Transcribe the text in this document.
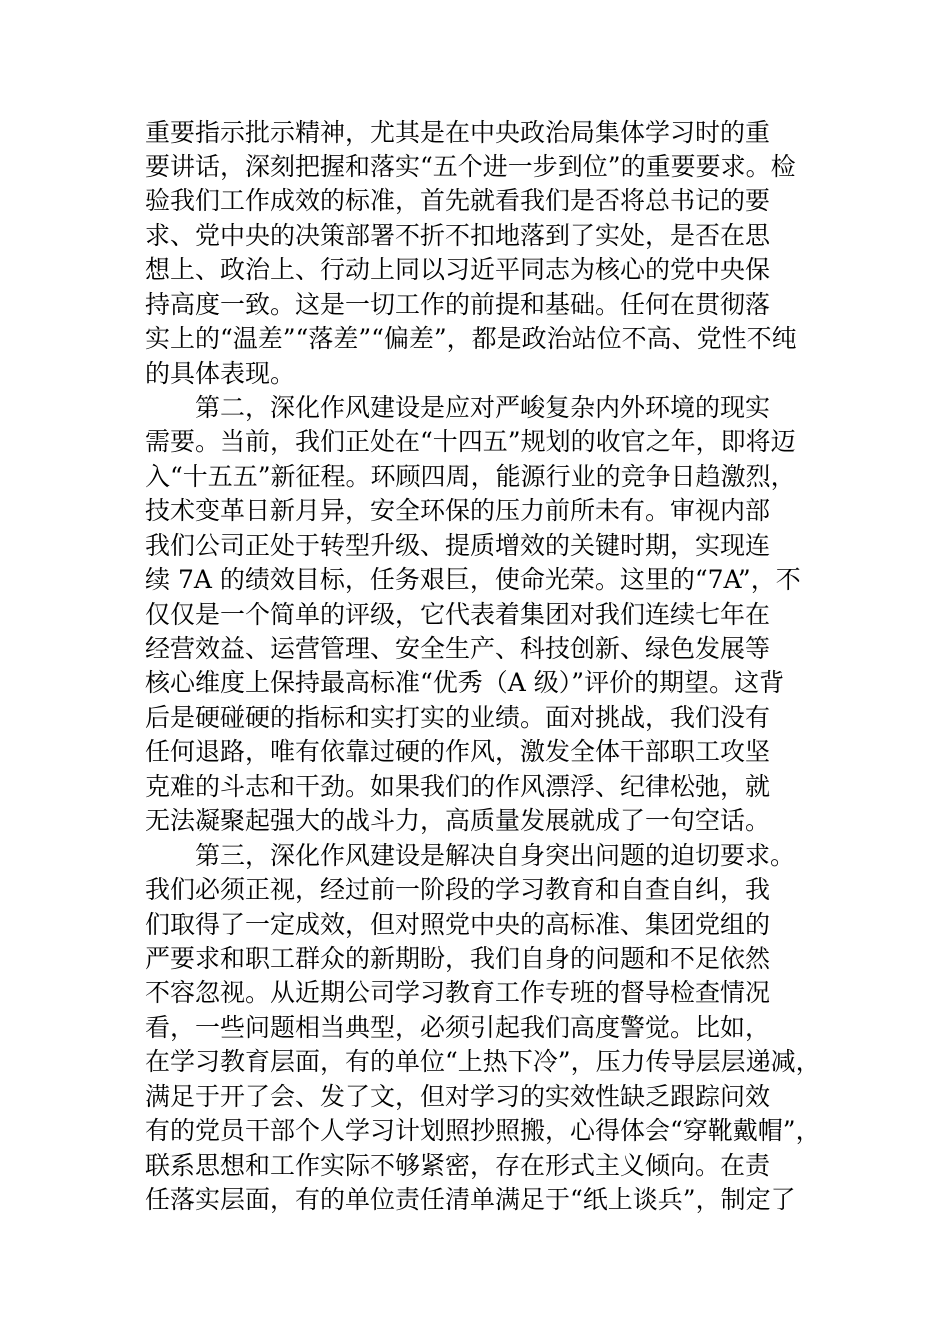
重要指示批示精神，尤其是在中央政治局集体学习时的重
要讲话，深刻把握和落实“五个进一步到位”的重要要求。检
验我们工作成效的标准，首先就看我们是否将总书记的要
求、党中央的决策部署不折不扣地落到了实处，是否在思
想上、政治上、行动上同以习近平同志为核心的党中央保
持高度一致。这是一切工作的前提和基础。任何在贯彻落
实上的“温差”“落差”“偏差”，都是政治站位不高、党性不纯
的具体表现。
第二，深化作风建设是应对严峻复杂内外环境的现实
需要。当前，我们正处在“十四五”规划的收官之年，即将迈
入“十五五”新征程。环顾四周，能源行业的竞争日趋激烈，
技术变革日新月异，安全环保的压力前所未有。审视内部
我们公司正处于转型升级、提质增效的关键时期，实现连
续 7A 的绩效目标，任务艰巨，使命光荣。这里的“7A”，不
仅仅是一个简单的评级，它代表着集团对我们连续七年在
经营效益、运营管理、安全生产、科技创新、绿色发展等
核心维度上保持最高标准“优秀（A 级）”评价的期望。这背
后是硬碰硬的指标和实打实的业绩。面对挑战，我们没有
任何退路，唯有依靠过硬的作风，激发全体干部职工攻坚
克难的斗志和干劲。如果我们的作风漂浮、纪律松弛，就
无法凝聚起强大的战斗力，高质量发展就成了一句空话。
第三，深化作风建设是解决自身突出问题的迫切要求。
我们必须正视，经过前一阶段的学习教育和自查自纠，我
们取得了一定成效，但对照党中央的高标准、集团党组的
严要求和职工群众的新期盼，我们自身的问题和不足依然
不容忽视。从近期公司学习教育工作专班的督导检查情况
看，一些问题相当典型，必须引起我们高度警觉。比如，
在学习教育层面，有的单位“上热下冷”，压力传导层层递减，
满足于开了会、发了文，但对学习的实效性缺乏跟踪问效
有的党员干部个人学习计划照抄照搬，心得体会“穿靴戴帽”，
联系思想和工作实际不够紧密，存在形式主义倾向。在责
任落实层面，有的单位责任清单满足于“纸上谈兵”，制定了
